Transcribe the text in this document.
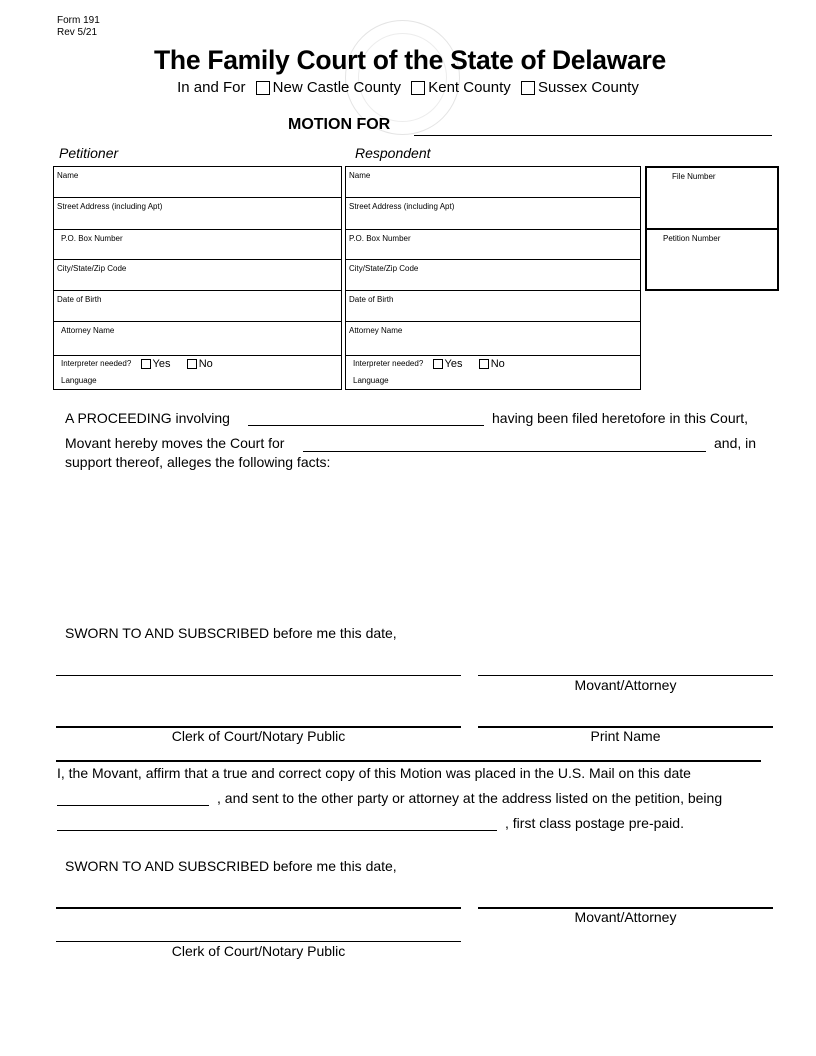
Form 191
Rev 5/21
The Family Court of the State of Delaware
In and For New Castle County Kent County Sussex County
MOTION FOR
Petitioner	Respondent
Name
Street Address (including Apt)
P.O. Box Number
City/State/Zip Code
Date of Birth
Attorney Name
Interpreter needed? Yes	No
Language
Name
Street Address (including Apt)
P.O. Box Number
City/State/Zip Code
Date of Birth
Attorney Name
Interpreter needed? Yes	No
Language
File Number
Petition Number
A PROCEEDING involving	having been filed heretofore in this Court,
Movant hereby moves the Court for	and, in
support thereof, alleges the following facts:
SWORN TO AND SUBSCRIBED before me this date,
Movant/Attorney
Clerk of Court/Notary Public	Print Name
I, the Movant, affirm that a true and correct copy of this Motion was placed in the U.S. Mail on this date
, and sent to the other party or attorney at the address listed on the petition, being
, first class postage pre-paid.
SWORN TO AND SUBSCRIBED before me this date,
Movant/Attorney
Clerk of Court/Notary Public
